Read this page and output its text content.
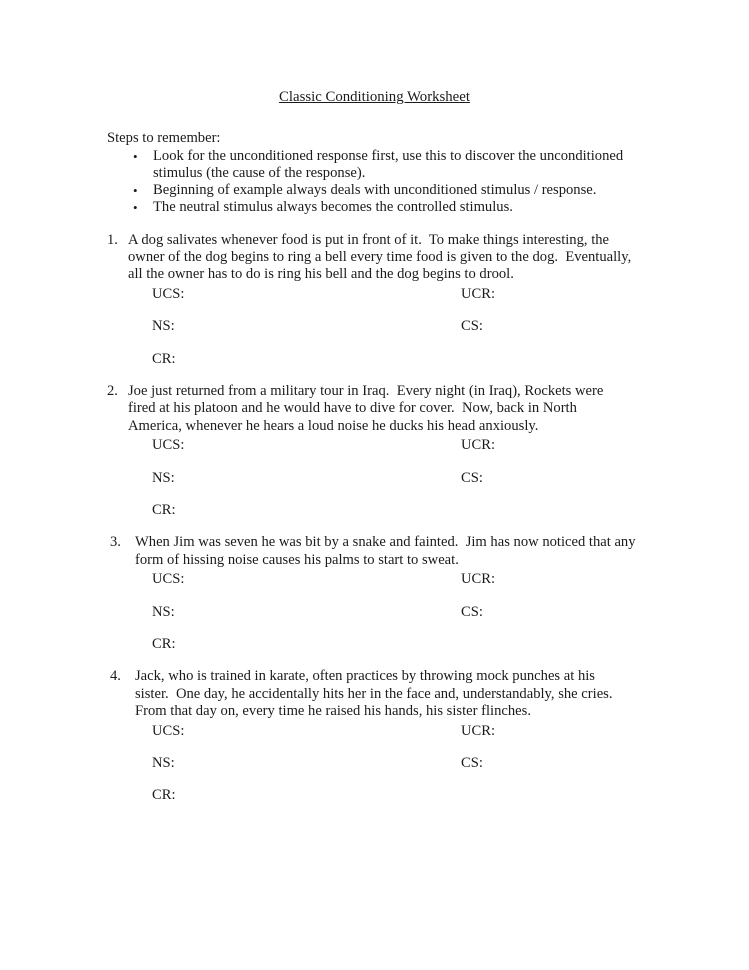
Classic Conditioning Worksheet
Steps to remember:
• Look for the unconditioned response first, use this to discover the unconditioned
stimulus (the cause of the response).
• Beginning of example always deals with unconditioned stimulus / response.
• The neutral stimulus always becomes the controlled stimulus.
1. A dog salivates whenever food is put in front of it.  To make things interesting, the
owner of the dog begins to ring a bell every time food is given to the dog.  Eventually,
all the owner has to do is ring his bell and the dog begins to drool.
UCS:	UCR:
NS:	CS:
CR:
2. Joe just returned from a military tour in Iraq.  Every night (in Iraq), Rockets were
fired at his platoon and he would have to dive for cover.  Now, back in North
America, whenever he hears a loud noise he ducks his head anxiously.
UCS:	UCR:
NS:	CS:
CR:
3. When Jim was seven he was bit by a snake and fainted.  Jim has now noticed that any
form of hissing noise causes his palms to start to sweat.
UCS:	UCR:
NS:	CS:
CR:
4. Jack, who is trained in karate, often practices by throwing mock punches at his
sister.  One day, he accidentally hits her in the face and, understandably, she cries.
From that day on, every time he raised his hands, his sister flinches.
UCS:	UCR:
NS:	CS:
CR:
